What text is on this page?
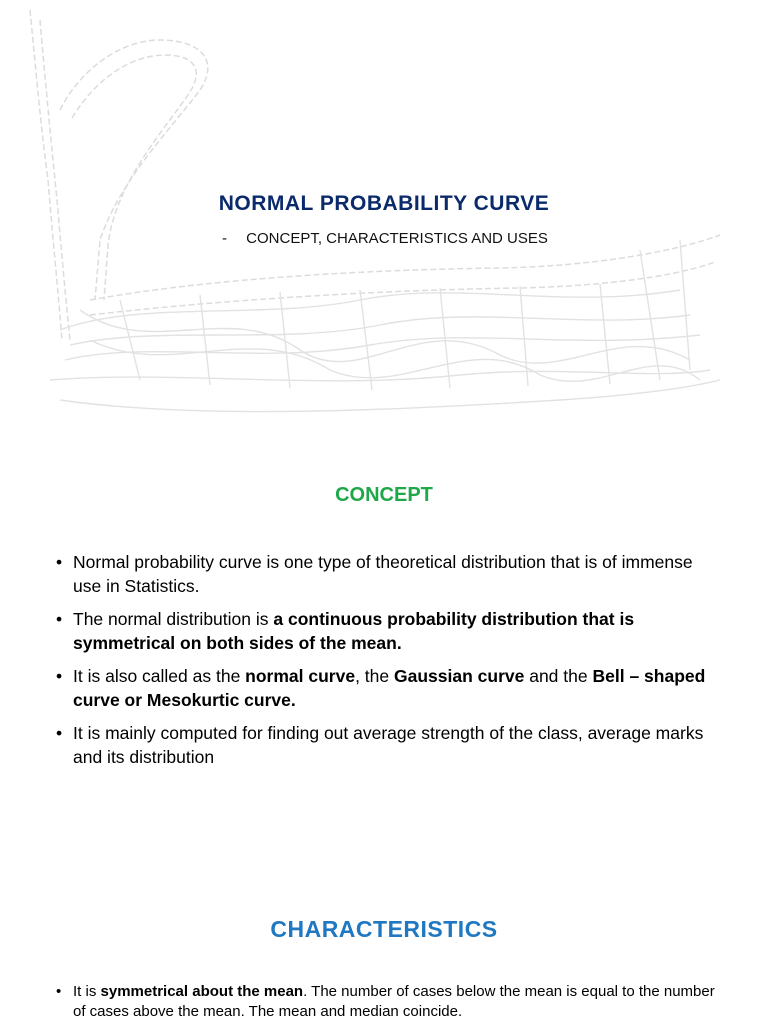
NORMAL PROBABILITY CURVE

- CONCEPT, CHARACTERISTICS AND USES

CONCEPT
• Normal probability curve is one type of theoretical distribution that is of immense use in Statistics.
• The normal distribution is a continuous probability distribution that is symmetrical on both sides of the mean.
• It is also called as the normal curve, the Gaussian curve and the Bell – shaped curve or Mesokurtic curve.
• It is mainly computed for finding out average strength of the class, average marks and its distribution
CHARACTERISTICS
• It is symmetrical about the mean. The number of cases below the mean is equal to the number of cases above the mean. The mean and median coincide.
